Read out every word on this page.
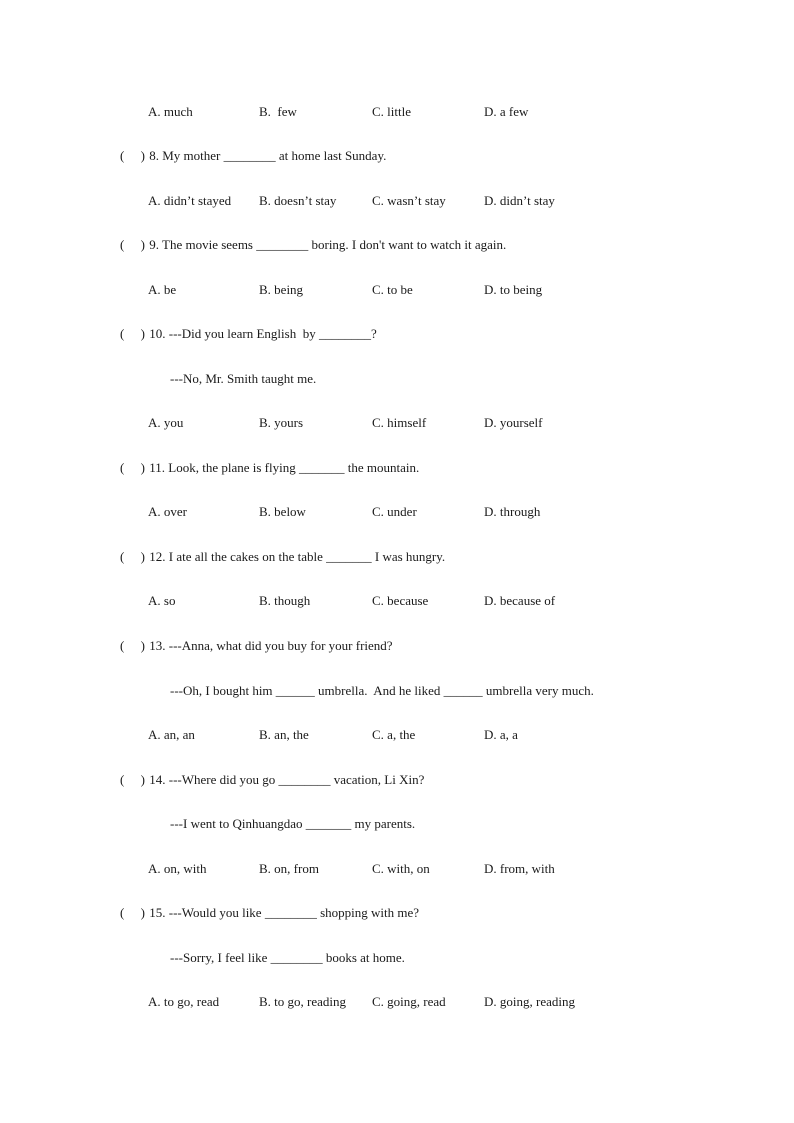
A. much	B.  few	C. little	D. a few
( ) 8. My mother ________ at home last Sunday.
A. didn’t stayed B. doesn’t stay	C. wasn’t stay	D. didn’t stay
( ) 9. The movie seems ________ boring. I don't want to watch it again.
A. be	B. being	C. to be	D. to being
( ) 10. ---Did you learn English  by ________?
---No, Mr. Smith taught me.
A. you	B. yours	C. himself	D. yourself
( ) 11. Look, the plane is flying _______ the mountain.
A. over	B. below	C. under	D. through
( ) 12. I ate all the cakes on the table _______ I was hungry.
A. so	B. though	C. because	D. because of
( ) 13. ---Anna, what did you buy for your friend?
---Oh, I bought him ______ umbrella.  And he liked ______ umbrella very much.
A. an, an	B. an, the	C. a, the	D. a, a
( ) 14. ---Where did you go ________ vacation, Li Xin?
---I went to Qinhuangdao _______ my parents.
A. on, with	B. on, from	C. with, on	D. from, with
( ) 15. ---Would you like ________ shopping with me?
---Sorry, I feel like ________ books at home.
A. to go, read	B. to go, reading C. going, read	D. going, reading
